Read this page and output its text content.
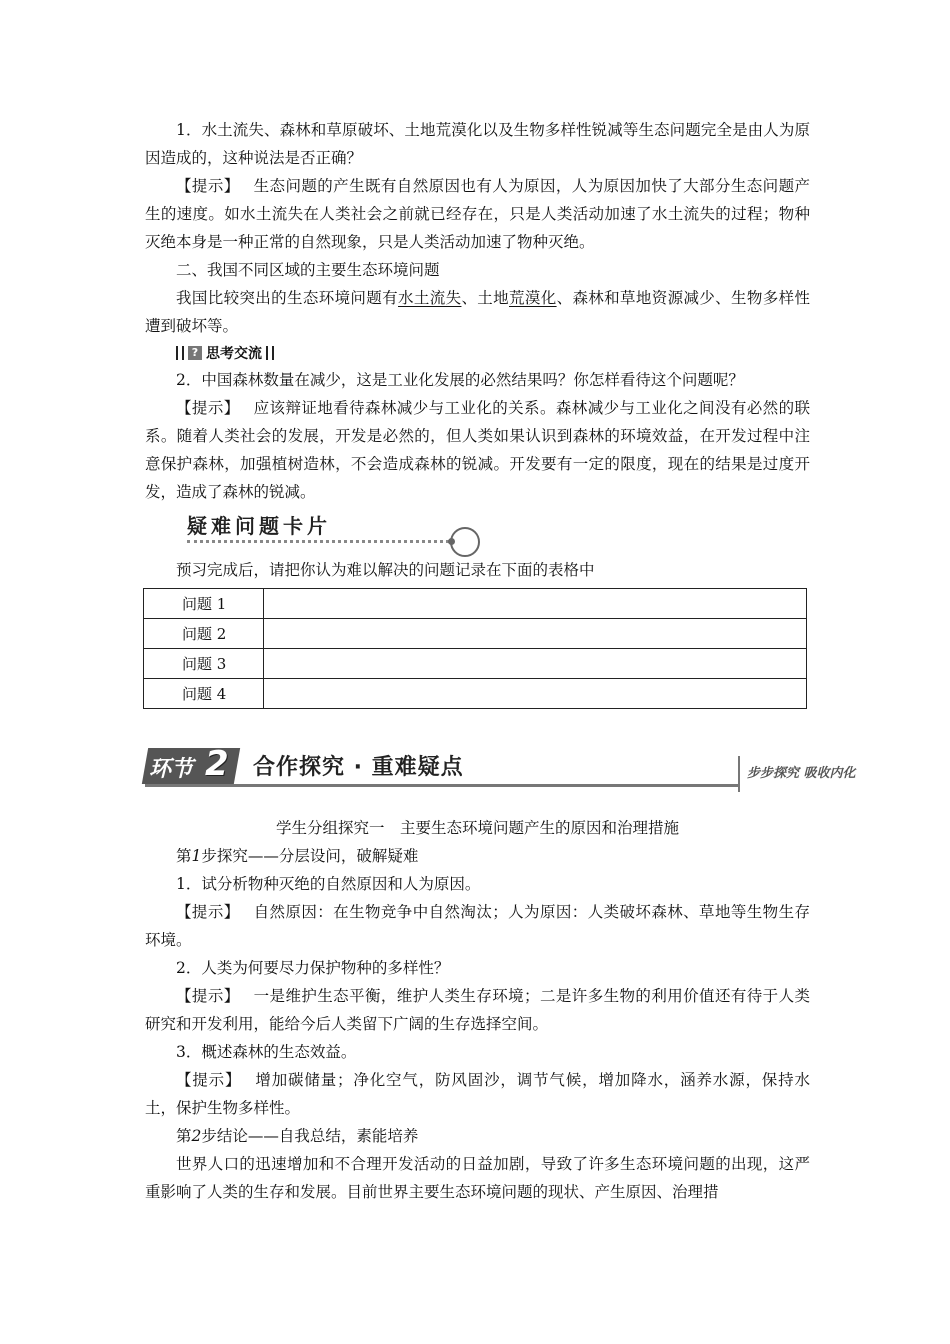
1．水土流失、森林和草原破坏、土地荒漠化以及生物多样性锐减等生态问题完全是由人为原因造成的，这种说法是否正确？

【提示】 生态问题的产生既有自然原因也有人为原因，人为原因加快了大部分生态问题产生的速度。如水土流失在人类社会之前就已经存在，只是人类活动加速了水土流失的过程；物种灭绝本身是一种正常的自然现象，只是人类活动加速了物种灭绝。

二、我国不同区域的主要生态环境问题

我国比较突出的生态环境问题有水土流失、土地荒漠化、森林和草地资源减少、生物多样性遭到破坏等。

? 思考交流

2．中国森林数量在减少，这是工业化发展的必然结果吗？你怎样看待这个问题呢？

【提示】 应该辩证地看待森林减少与工业化的关系。森林减少与工业化之间没有必然的联系。随着人类社会的发展，开发是必然的，但人类如果认识到森林的环境效益，在开发过程中注意保护森林，加强植树造林，不会造成森林的锐减。开发要有一定的限度，现在的结果是过度开发，造成了森林的锐减。

疑难问题卡片

预习完成后，请把你认为难以解决的问题记录在下面的表格中

问题 1	
问题 2	
问题 3	
问题 4	
环节 2 合作探究 · 重难疑点	步步探究 吸收内化

学生分组探究一　主要生态环境问题产生的原因和治理措施

第1步探究——分层设问，破解疑难

1．试分析物种灭绝的自然原因和人为原因。

【提示】 自然原因：在生物竞争中自然淘汰；人为原因：人类破坏森林、草地等生物生存环境。

2．人类为何要尽力保护物种的多样性？

【提示】 一是维护生态平衡，维护人类生存环境；二是许多生物的利用价值还有待于人类研究和开发利用，能给今后人类留下广阔的生存选择空间。

3．概述森林的生态效益。

【提示】 增加碳储量；净化空气，防风固沙，调节气候，增加降水，涵养水源，保持水土，保护生物多样性。

第2步结论——自我总结，素能培养

世界人口的迅速增加和不合理开发活动的日益加剧，导致了许多生态环境问题的出现，这严重影响了人类的生存和发展。目前世界主要生态环境问题的现状、产生原因、治理措
